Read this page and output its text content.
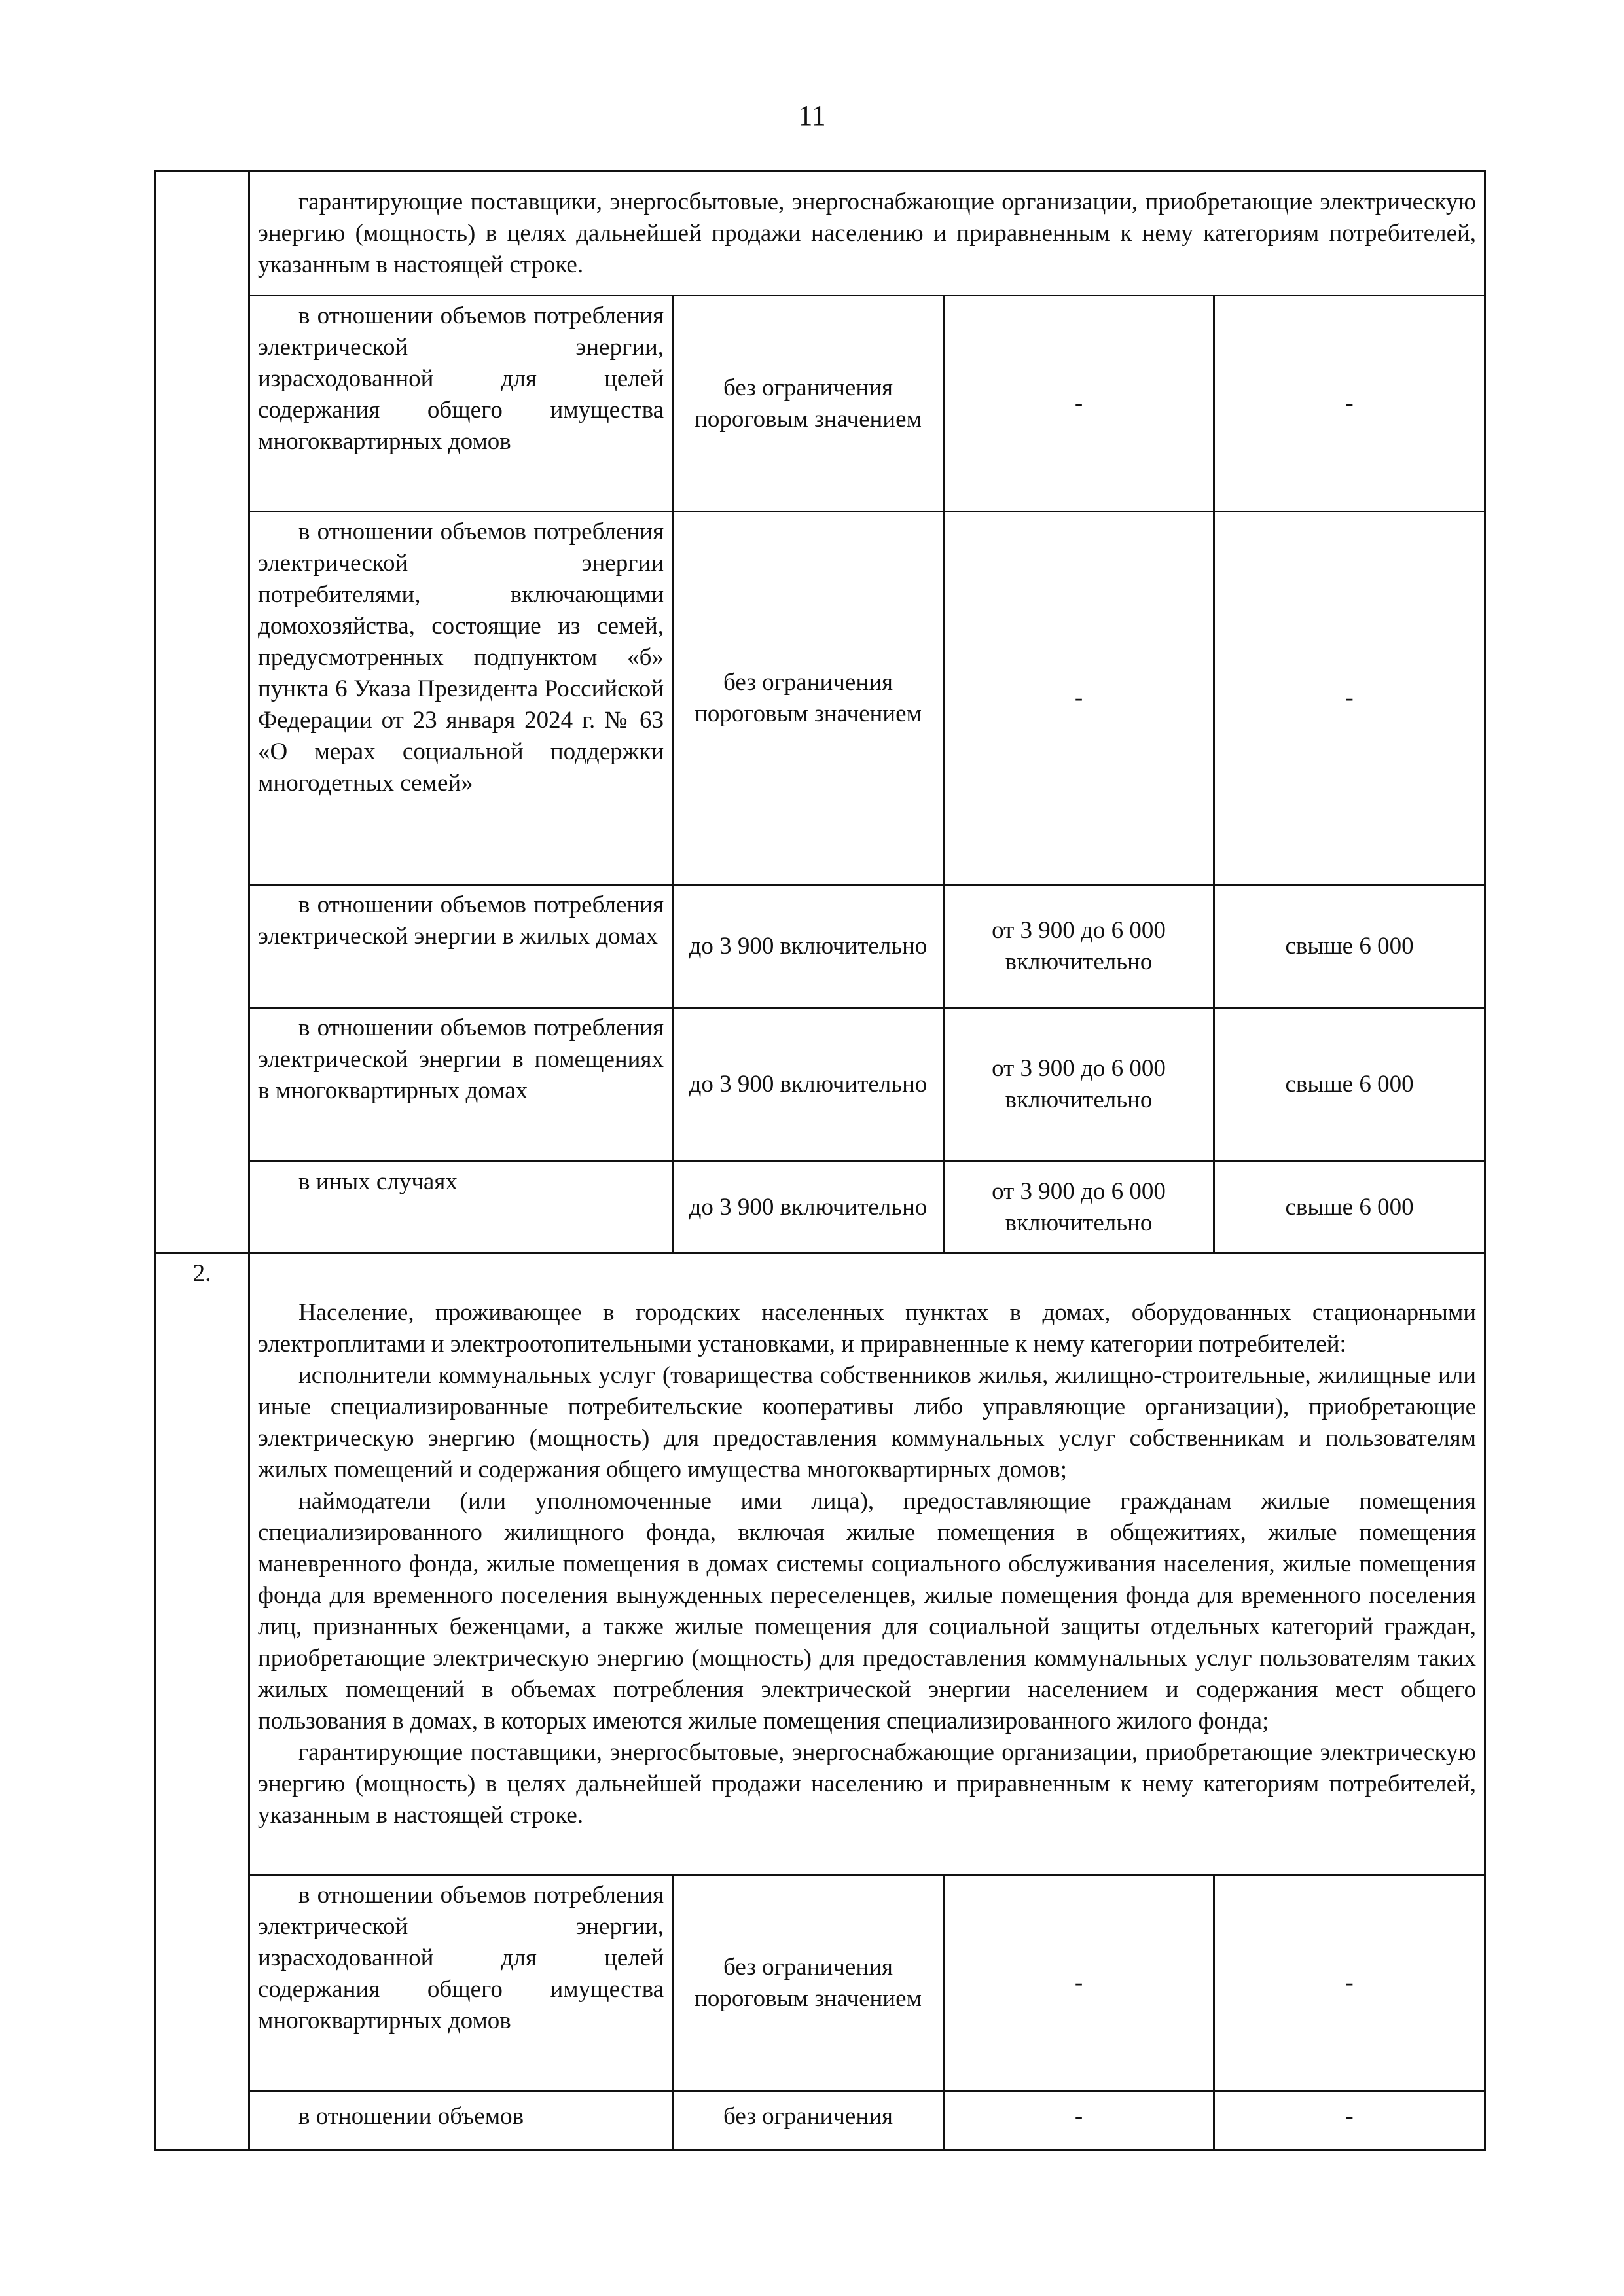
11

	гарантирующие поставщики, энергосбытовые, энергоснабжающие организации, приобретающие электрическую энергию (мощность) в целях дальнейшей продажи населению и приравненным к нему категориям потребителей, указанным в настоящей строке.			

	в отношении объемов потребления электрической энергии, израсходованной для целей содержания общего имущества многоквартирных домов	без ограничения пороговым значением	-	-

	в отношении объемов потребления электрической энергии потребителями, включающими домохозяйства, состоящие из семей, предусмотренных подпунктом «б» пункта 6 Указа Президента Российской Федерации от 23 января 2024 г. № 63 «О мерах социальной поддержки многодетных семей»	без ограничения пороговым значением	-	-

	в отношении объемов потребления электрической энергии в жилых домах	до 3 900 включительно	от 3 900 до 6 000 включительно	свыше 6 000

	в отношении объемов потребления электрической энергии в помещениях в многоквартирных домах	до 3 900 включительно	от 3 900 до 6 000 включительно	свыше 6 000

	в иных случаях	до 3 900 включительно	от 3 900 до 6 000 включительно	свыше 6 000
2.	Население, проживающее в городских населенных пунктах в домах, оборудованных стационарными электроплитами и электроотопительными установками, и приравненные к нему категории потребителей:

исполнители коммунальных услуг (товарищества собственников жилья, жилищно-строительные, жилищные или иные специализированные потребительские кооперативы либо управляющие организации), приобретающие электрическую энергию (мощность) для предоставления коммунальных услуг собственникам и пользователям жилых помещений и содержания общего имущества многоквартирных домов;

наймодатели (или уполномоченные ими лица), предоставляющие гражданам жилые помещения специализированного жилищного фонда, включая жилые помещения в общежитиях, жилые помещения маневренного фонда, жилые помещения в домах системы социального обслуживания населения, жилые помещения фонда для временного поселения вынужденных переселенцев, жилые помещения фонда для временного поселения лиц, признанных беженцами, а также жилые помещения для социальной защиты отдельных категорий граждан, приобретающие электрическую энергию (мощность) для предоставления коммунальных услуг пользователям таких жилых помещений в объемах потребления электрической энергии населением и содержания мест общего пользования в домах, в которых имеются жилые помещения специализированного жилого фонда;

гарантирующие поставщики, энергосбытовые, энергоснабжающие организации, приобретающие электрическую энергию (мощность) в целях дальнейшей продажи населению и приравненным к нему категориям потребителей, указанным в настоящей строке.			

	в отношении объемов потребления электрической энергии, израсходованной для целей содержания общего имущества многоквартирных домов	без ограничения пороговым значением	-	-

	в отношении объемов	без ограничения	-	-
